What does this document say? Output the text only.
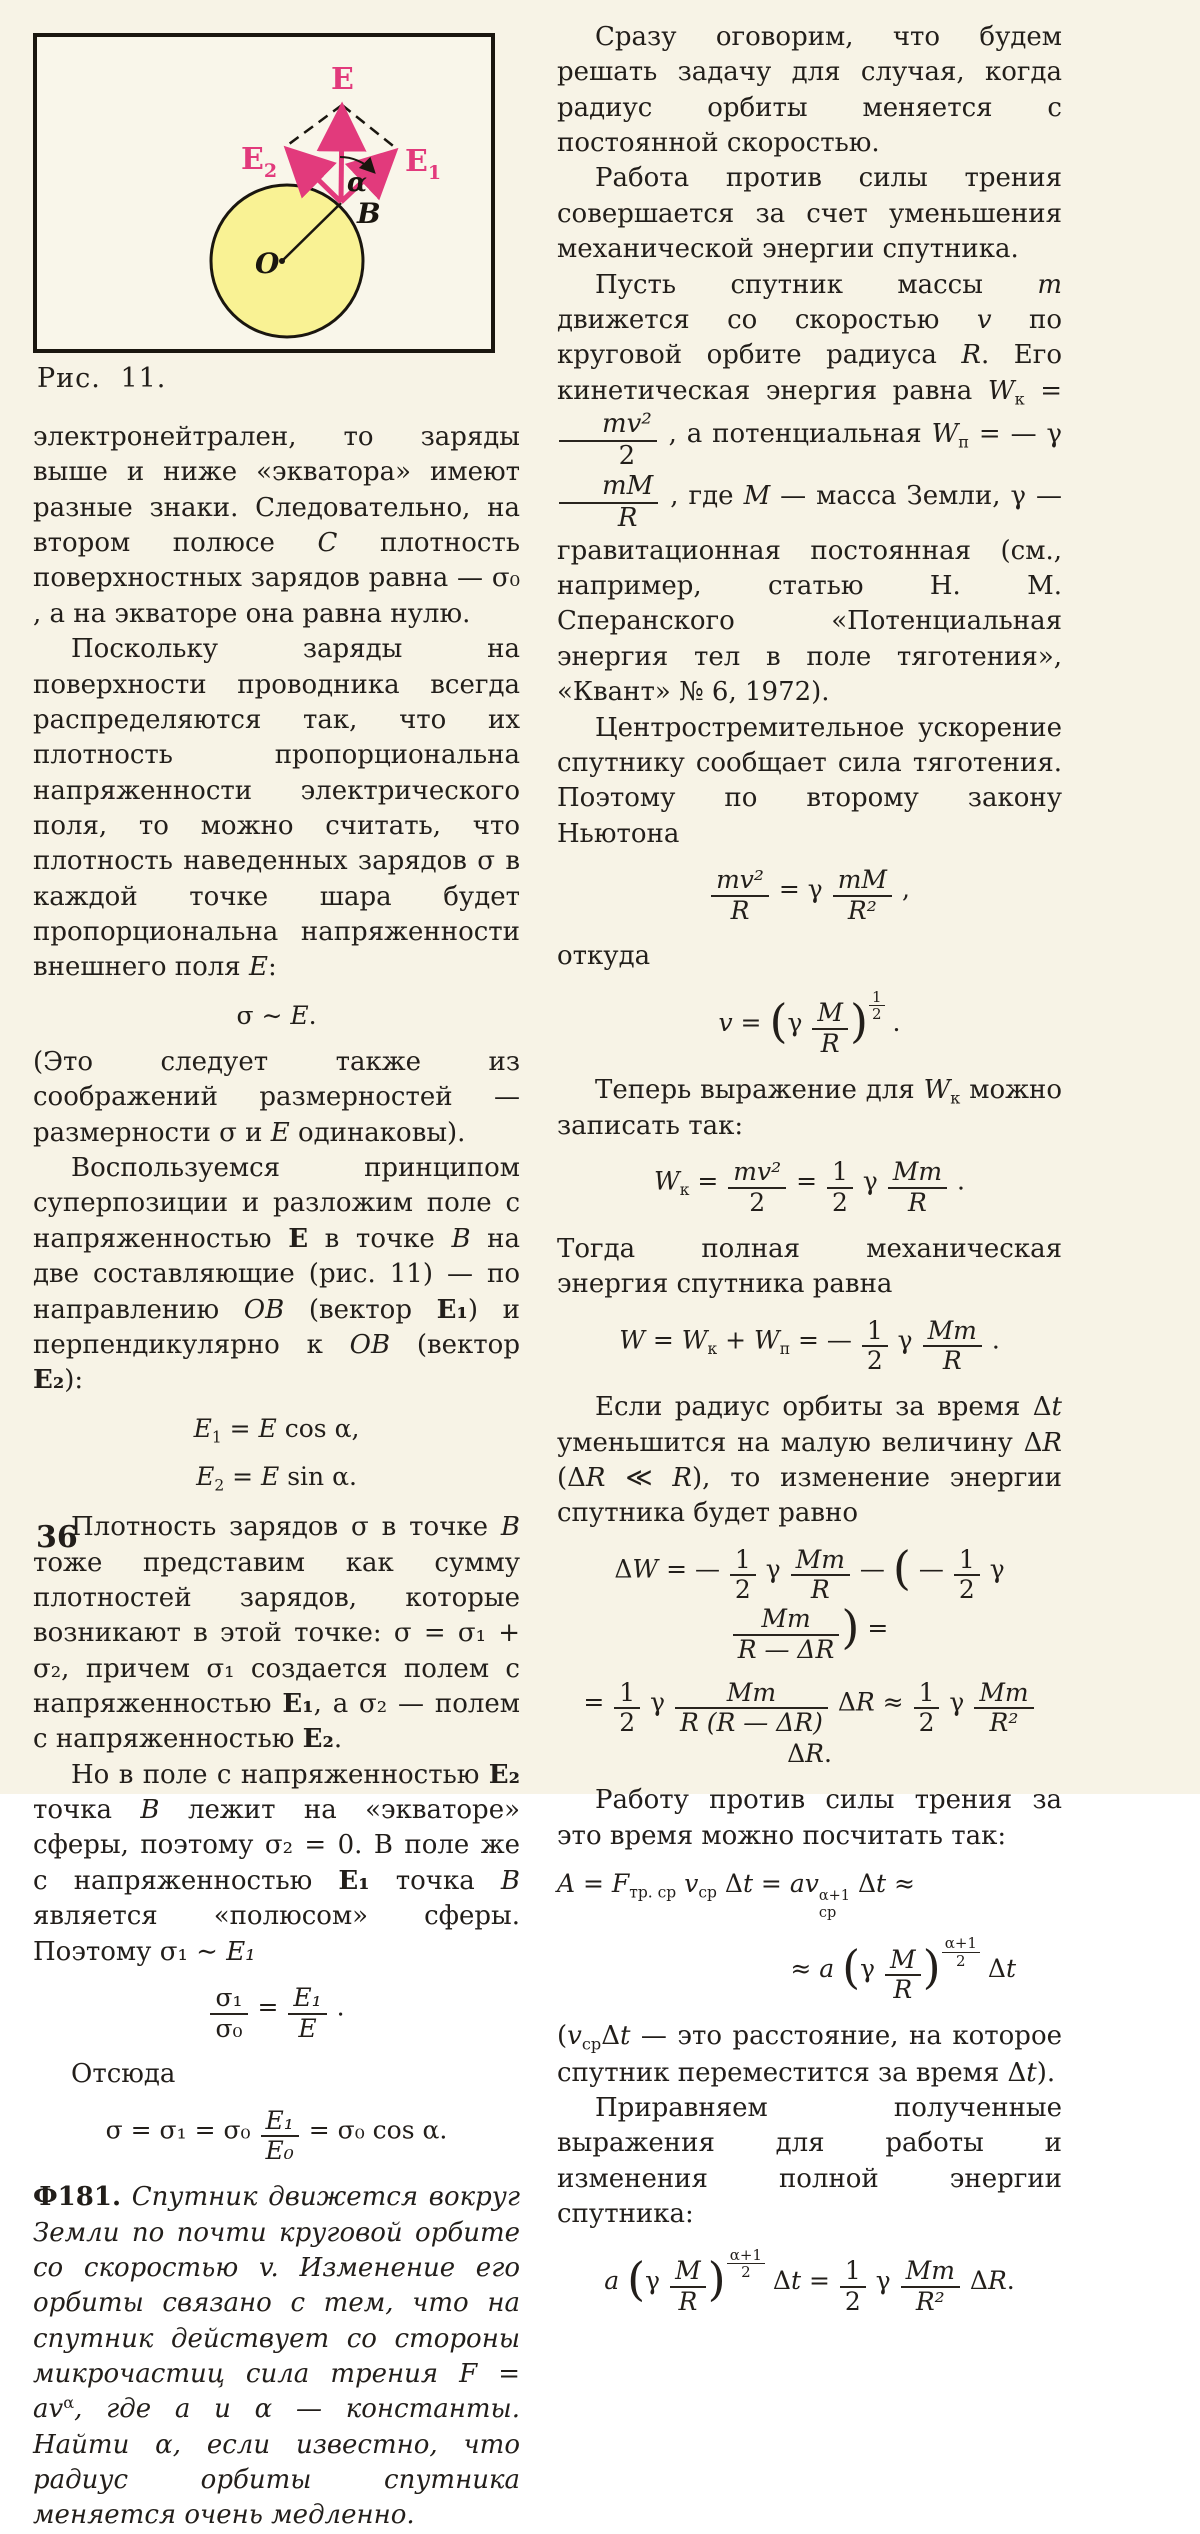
E
$E_2$	$E_1$
α
B
O
Рис. 11.
электронейтрален, то заряды выше и ниже «экватора» имеют разные знаки. Следовательно, на втором полюсе C плотность поверхностных зарядов равна — σ₀ , а на экваторе она равна нулю.
Поскольку заряды на поверхности проводника всегда распределяются так, что их плотность пропорциональна напряженности электрического поля, то можно считать, что плотность наведенных зарядов σ в каждой точке шара будет пропорциональна напряженности внешнего поля E:
σ ∼ E.
(Это следует также из соображений размерностей — размерности σ и E одинаковы).
Воспользуемся принципом суперпозиции и разложим поле с напряженностью E в точке B на две составляющие (рис. 11) — по направлению OB (вектор E₁) и перпендикулярно к OB (вектор E₂):
$E_1 = E$ cos α,
$E_2 = E$ sin α.
Плотность зарядов σ в точке B тоже представим как сумму плотностей зарядов, которые возникают в этой точке: σ = σ₁ + σ₂, причем σ₁ создается полем с напряженностью E₁, а σ₂ — полем с напряженностью E₂.
Но в поле с напряженностью E₂ точка B лежит на «экваторе» сферы, поэтому σ₂ = 0. В поле же с напряженностью E₁ точка B является «полюсом» сферы. Поэтому σ₁ ∼ E₁
$\frac{\text{σ₁}}{\text{σ₀}} = \frac{\text{E₁}}{E}$ .
Отсюда
$\sigma = \sigma_1 = \sigma_0 \frac{\text{E₁}}{\text{E₀}} = \sigma_0$ cos α.
Ф181. Спутник движется вокруг Земли по почти круговой орбите со скоростью v. Изменение его орбиты связано с тем, что на спутник действует со стороны микрочастиц сила трения $F = av^\alpha$, где a и α — константы. Найти α, если известно, что радиус орбиты спутника меняется очень медленно.
Сразу оговорим, что будем решать задачу для случая, когда радиус орбиты меняется с постоянной скоростью.
Работа против силы трения совершается за счет уменьшения механической энергии спутника.
Пусть спутник массы m движется со скоростью v по круговой орбите радиуса R. Его кинетическая энергия равна $W_к$ =
$\frac{\text{mv²}}{2}$ , а потенциальная $W_п$ = — γ
$\frac{mM}{R}$ , где M — масса Земли, γ — гравитационная постоянная (см., например, статью Н. М. Сперанского «Потенциальная энергия тел в поле тяготения», «Квант» № 6, 1972).
Центростремительное ускорение спутнику сообщает сила тяготения. Поэтому по второму закону Ньютона
$\frac{\text{mv²}}{R} = \gamma \frac{mM}{\text{R²}}$ ,
откуда
$v = (\gamma \frac{M}{R}$ ) $\frac{1}{2}$ .
Теперь выражение для $W_к$ можно записать так:
$W_к = \frac{\text{mv²}}{2} = \frac{1}{2}$ γ $\frac{Mm}{R}$ .
Тогда полная механическая энергия спутника равна
$W = W_к + W_п$ = — $\frac{1}{2}$ γ $\frac{Mm}{R}$ .
Если радиус орбиты за время Δt уменьшится на малую величину ΔR (ΔR ≪ R), то изменение энергии спутника будет равно
ΔW = — $\frac{1}{2}$ γ $\frac{Mm}{R}$ — ( — $\frac{1}{2}$ γ
$\frac{Mm}{R — \Delta R}$ ) =
= $\frac{1}{2}$ γ $\frac{Mm}{R (R — \Delta R)}$ $\Delta R \approx \frac{1}{2}$ γ $\frac{Mm}{\text{R²}}$
ΔR.
Работу против силы трения за это время можно посчитать так:
$A = F_{тр. ср}$ $v_{ср}$ Δt = av α+1
ср
Δt ≈
≈ a ($\gamma \frac{M}{R}$ ) $\frac{\alpha+1}{2}$ Δt
($v_{ср}\Delta t$ — это расстояние, на которое спутник переместится за время Δt).
Приравняем полученные выражения для работы и изменения полной энергии спутника:
a ($\gamma \frac{M}{R}$ ) $\frac{\alpha+1}{2}$ $\Delta t = \frac{1}{2}$ γ $\frac{Mm}{\text{R²}} \Delta R$.
36
